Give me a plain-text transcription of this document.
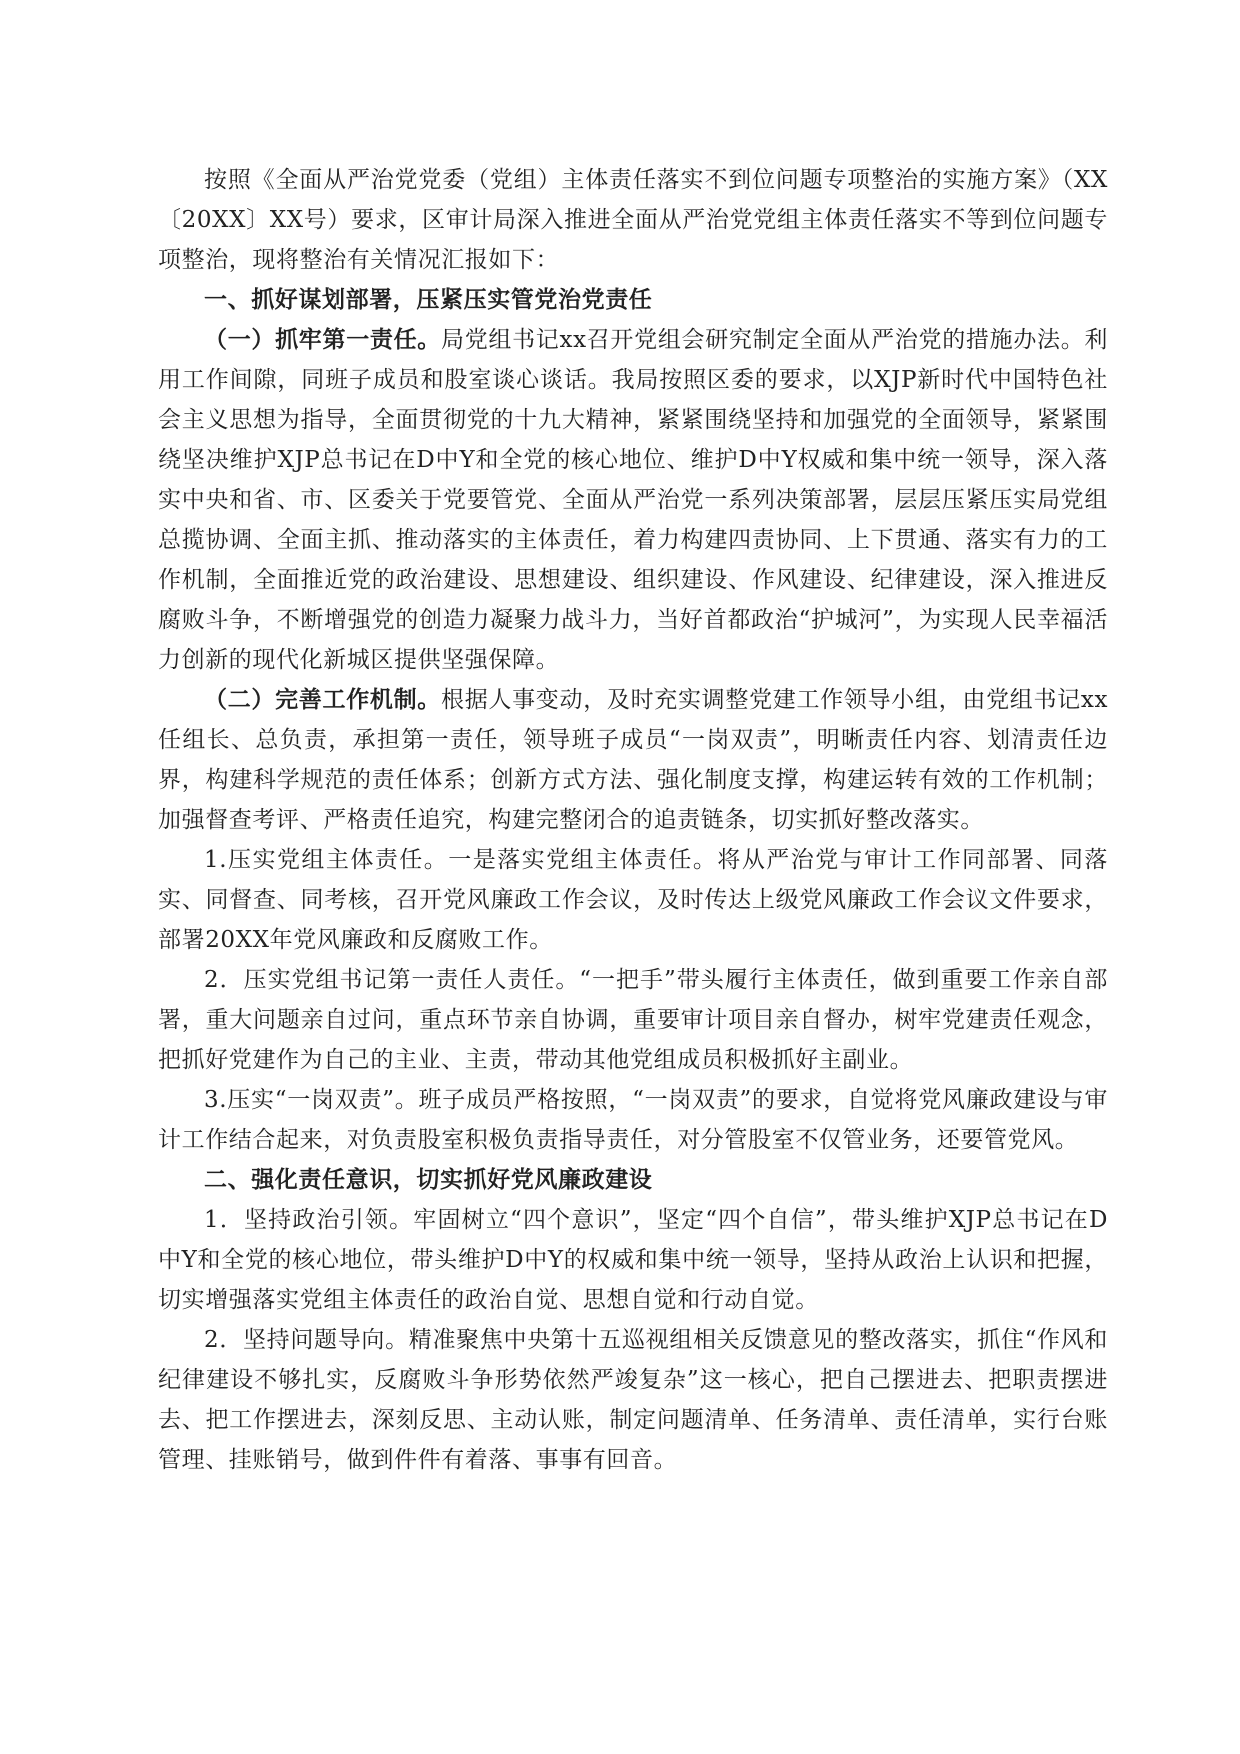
按照《全面从严治党党委（党组）主体责任落实不到位问题专项整治的实施方案》（XX〔20XX〕XX号）要求，区审计局深入推进全面从严治党党组主体责任落实不等到位问题专项整治，现将整治有关情况汇报如下：

一、抓好谋划部署，压紧压实管党治党责任

（一）抓牢第一责任。局党组书记xx召开党组会研究制定全面从严治党的措施办法。利用工作间隙，同班子成员和股室谈心谈话。我局按照区委的要求，以XJP新时代中国特色社会主义思想为指导，全面贯彻党的十九大精神，紧紧围绕坚持和加强党的全面领导，紧紧围绕坚决维护XJP总书记在D中Y和全党的核心地位、维护D中Y权威和集中统一领导，深入落实中央和省、市、区委关于党要管党、全面从严治党一系列决策部署，层层压紧压实局党组总揽协调、全面主抓、推动落实的主体责任，着力构建四责协同、上下贯通、落实有力的工作机制，全面推近党的政治建设、思想建设、组织建设、作风建设、纪律建设，深入推进反腐败斗争，不断增强党的创造力凝聚力战斗力，当好首都政治“护城河”，为实现人民幸福活力创新的现代化新城区提供坚强保障。

（二）完善工作机制。根据人事变动，及时充实调整党建工作领导小组，由党组书记xx任组长、总负责，承担第一责任，领导班子成员“一岗双责”，明晰责任内容、划清责任边界，构建科学规范的责任体系；创新方式方法、强化制度支撑，构建运转有效的工作机制；加强督查考评、严格责任追究，构建完整闭合的追责链条，切实抓好整改落实。

1.压实党组主体责任。一是落实党组主体责任。将从严治党与审计工作同部署、同落实、同督查、同考核，召开党风廉政工作会议，及时传达上级党风廉政工作会议文件要求，部署20XX年党风廉政和反腐败工作。

2．压实党组书记第一责任人责任。“一把手”带头履行主体责任，做到重要工作亲自部署，重大问题亲自过问，重点环节亲自协调，重要审计项目亲自督办，树牢党建责任观念，把抓好党建作为自己的主业、主责，带动其他党组成员积极抓好主副业。

3.压实“一岗双责”。班子成员严格按照，“一岗双责”的要求，自觉将党风廉政建设与审计工作结合起来，对负责股室积极负责指导责任，对分管股室不仅管业务，还要管党风。

二、强化责任意识，切实抓好党风廉政建设

1．坚持政治引领。牢固树立“四个意识”，坚定“四个自信”，带头维护XJP总书记在D中Y和全党的核心地位，带头维护D中Y的权威和集中统一领导，坚持从政治上认识和把握，切实增强落实党组主体责任的政治自觉、思想自觉和行动自觉。

2．坚持问题导向。精准聚焦中央第十五巡视组相关反馈意见的整改落实，抓住“作风和纪律建设不够扎实，反腐败斗争形势依然严竣复杂”这一核心，把自己摆进去、把职责摆进去、把工作摆进去，深刻反思、主动认账，制定问题清单、任务清单、责任清单，实行台账管理、挂账销号，做到件件有着落、事事有回音。
